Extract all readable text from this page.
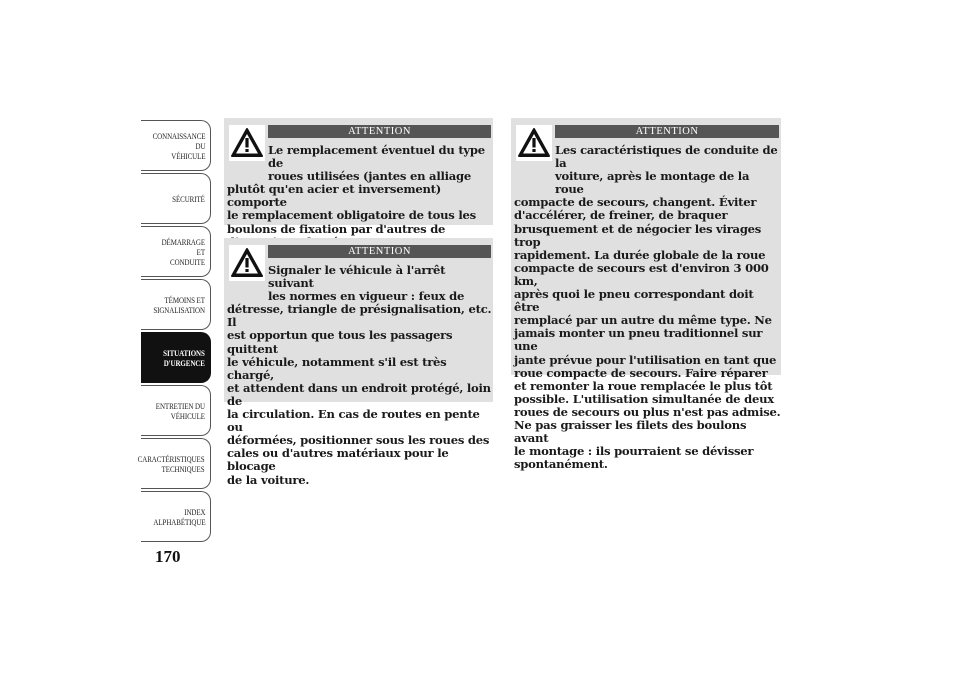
CONNAISSANCE DU
VÉHICULE
SÉCURITÉ
DÉMARRAGE ET
CONDUITE
TÉMOINS ET
SIGNALISATION
SITUATIONS
D'URGENCE
ENTRETIEN DU
VÉHICULE
CARACTÉRISTIQUES
TECHNIQUES
INDEX
ALPHABÉTIQUE
170
ATTENTION

Le remplacement éventuel du type de
roues utilisées (jantes en alliage

plutôt qu'en acier et inversement) comporte
le remplacement obligatoire de tous les
boulons de fixation par d'autres de

ATTENTION

Signaler le véhicule à l'arrêt suivant
les normes en vigueur : feux de

détresse, triangle de présignalisation, etc. Il
est opportun que tous les passagers quittent
le véhicule, notamment s'il est très chargé,
et attendent dans un endroit protégé, loin de
la circulation. En cas de routes en pente ou
déformées, positionner sous les roues des
cales ou d'autres matériaux pour le blocage
de la voiture.

ATTENTION

Les caractéristiques de conduite de la
voiture, après le montage de la roue

compacte de secours, changent. Éviter
d'accélérer, de freiner, de braquer
brusquement et de négocier les virages trop
rapidement. La durée globale de la roue
compacte de secours est d'environ 3 000 km,
après quoi le pneu correspondant doit être
remplacé par un autre du même type. Ne
jamais monter un pneu traditionnel sur une
jante prévue pour l'utilisation en tant que
roue compacte de secours. Faire réparer
et remonter la roue remplacée le plus tôt
possible. L'utilisation simultanée de deux
roues de secours ou plus n'est pas admise.
Ne pas graisser les filets des boulons avant
le montage : ils pourraient se dévisser
spontanément.
